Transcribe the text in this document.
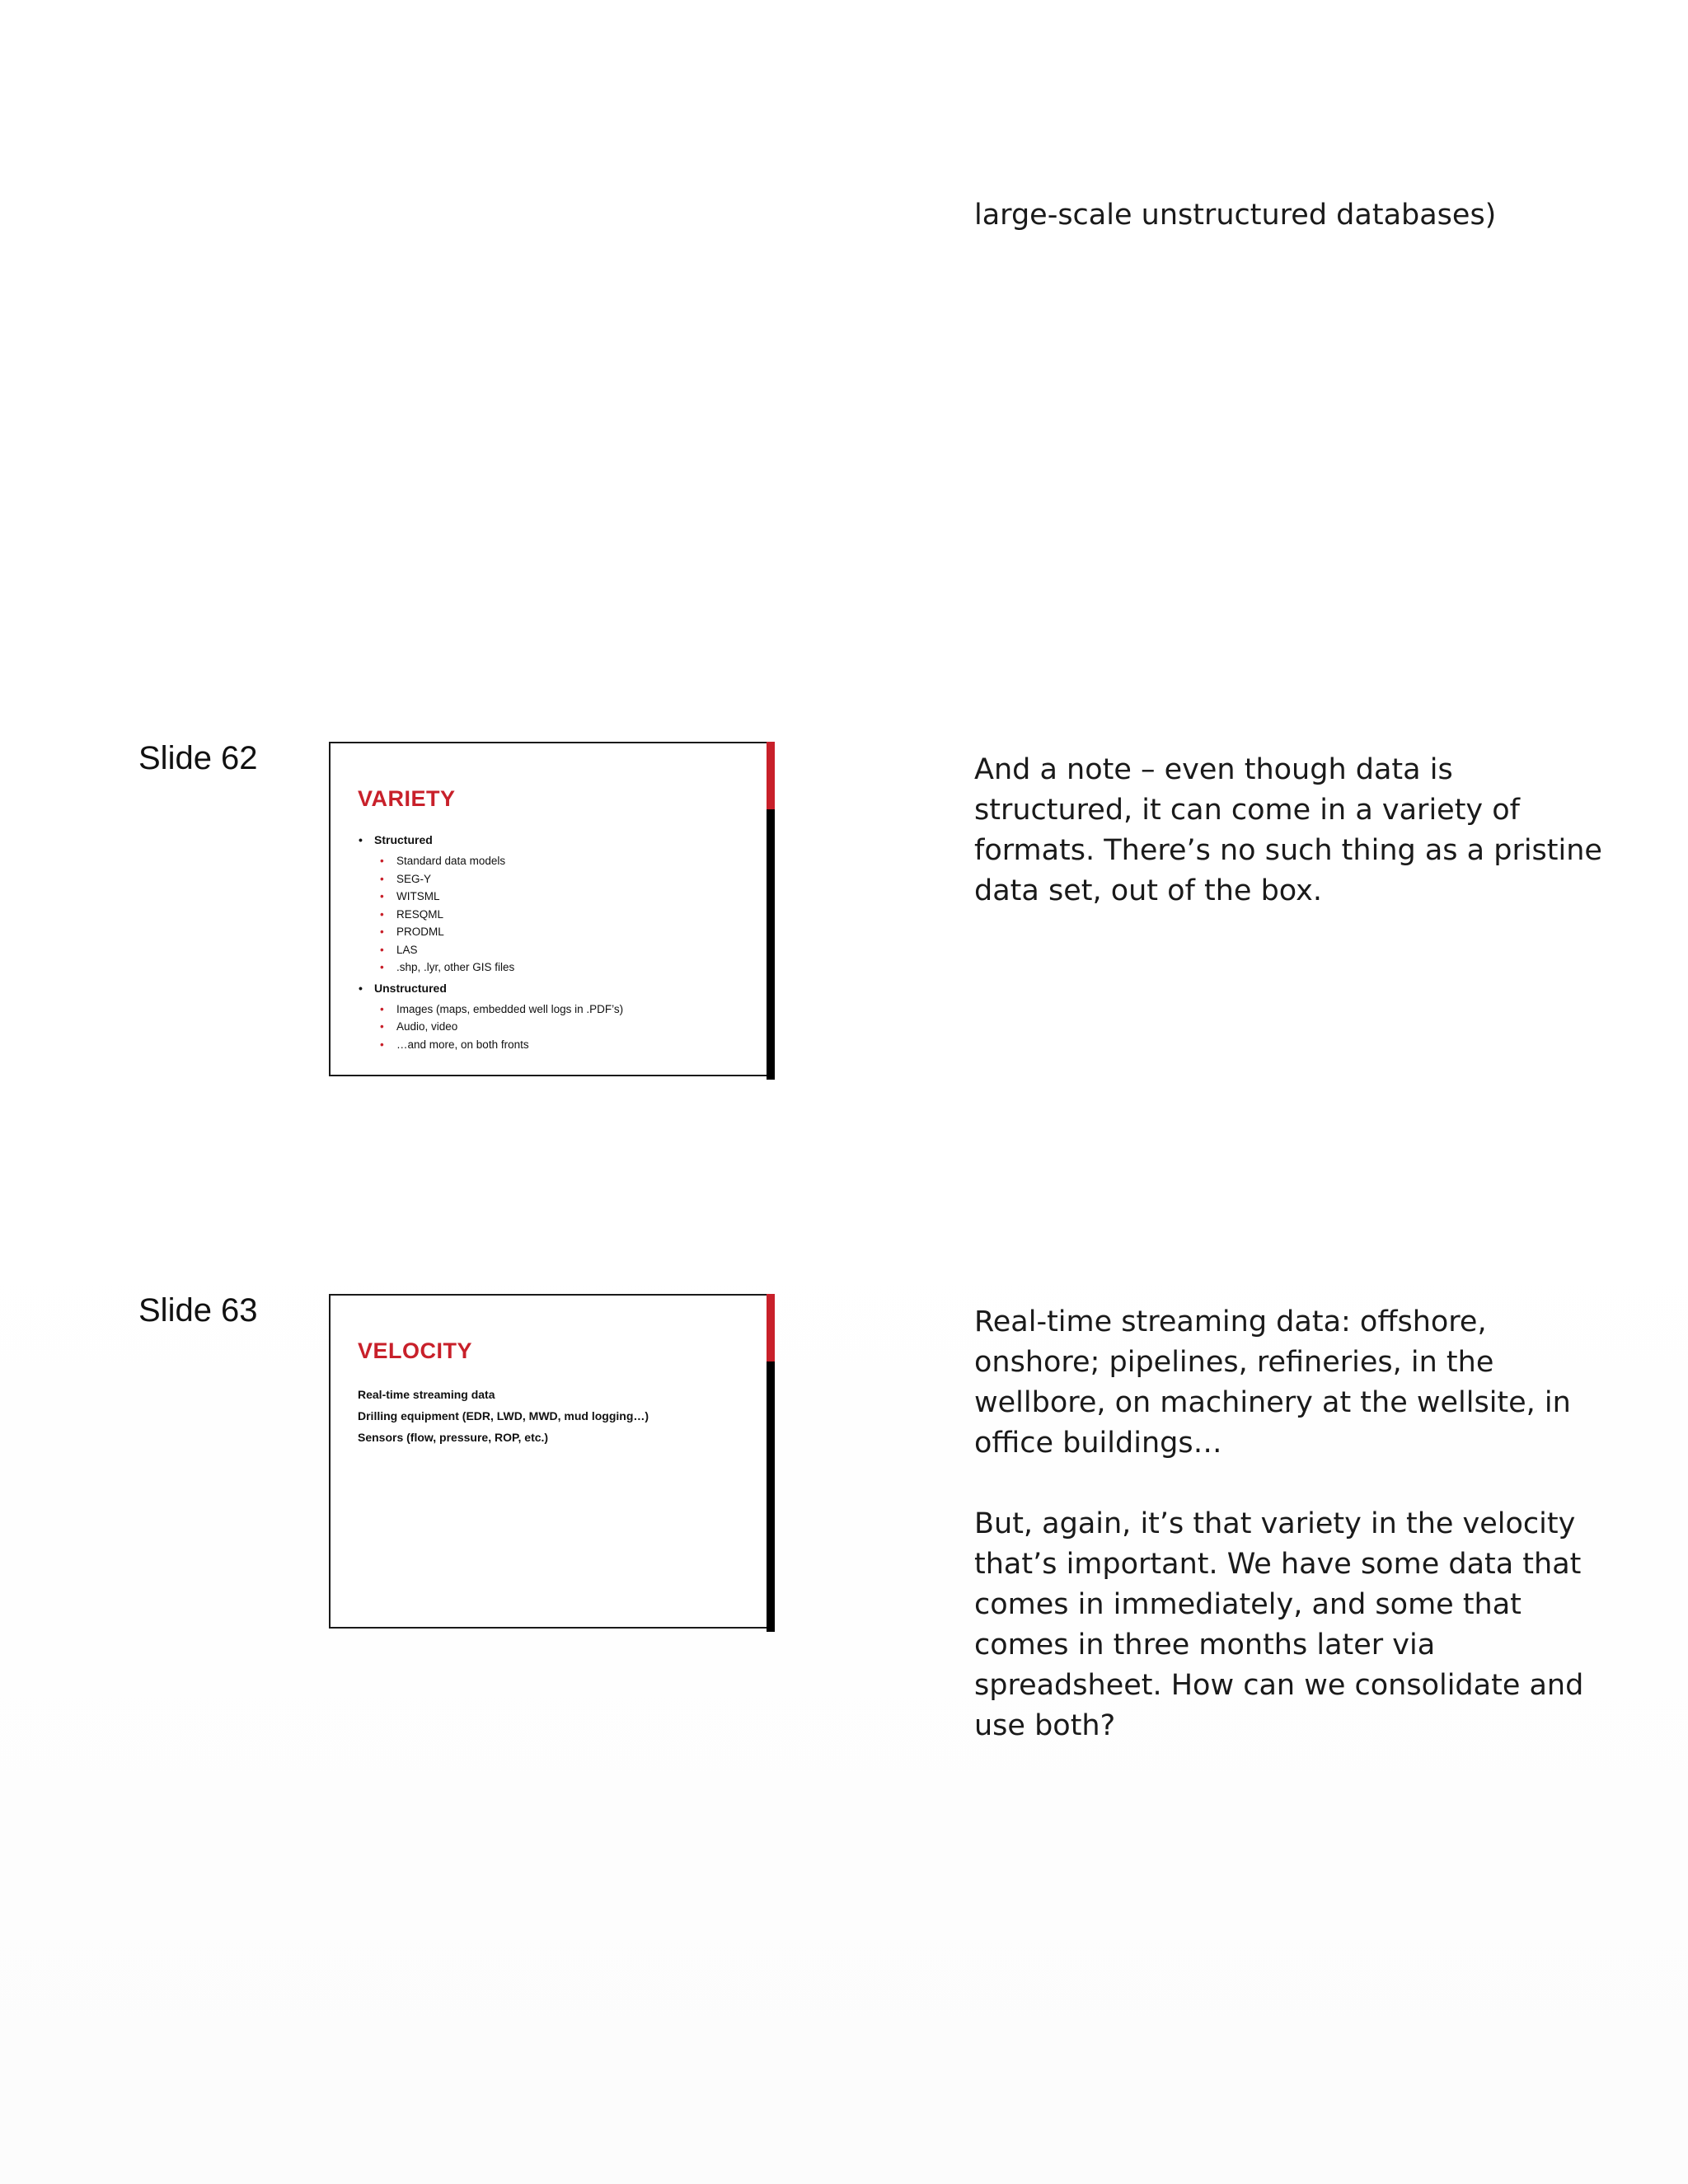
large-scale unstructured databases)

Slide 62
VARIETY
• Structured
• Standard data models
• SEG-Y
• WITSML
• RESQML
• PRODML
• LAS
• .shp, .lyr, other GIS files
• Unstructured
• Images (maps, embedded well logs in .PDF’s)
• Audio, video
• …and more, on both fronts

And a note – even though data is structured, it can come in a variety of formats. There’s no such thing as a pristine data set, out of the box.

Slide 63
VELOCITY
Real-time streaming data
Drilling equipment (EDR, LWD, MWD, mud logging…)
Sensors (flow, pressure, ROP, etc.)

Real-time streaming data: offshore, onshore; pipelines, refineries, in the wellbore, on machinery at the wellsite, in office buildings…

But, again, it’s that variety in the velocity that’s important. We have some data that comes in immediately, and some that comes in three months later via spreadsheet. How can we consolidate and use both?
